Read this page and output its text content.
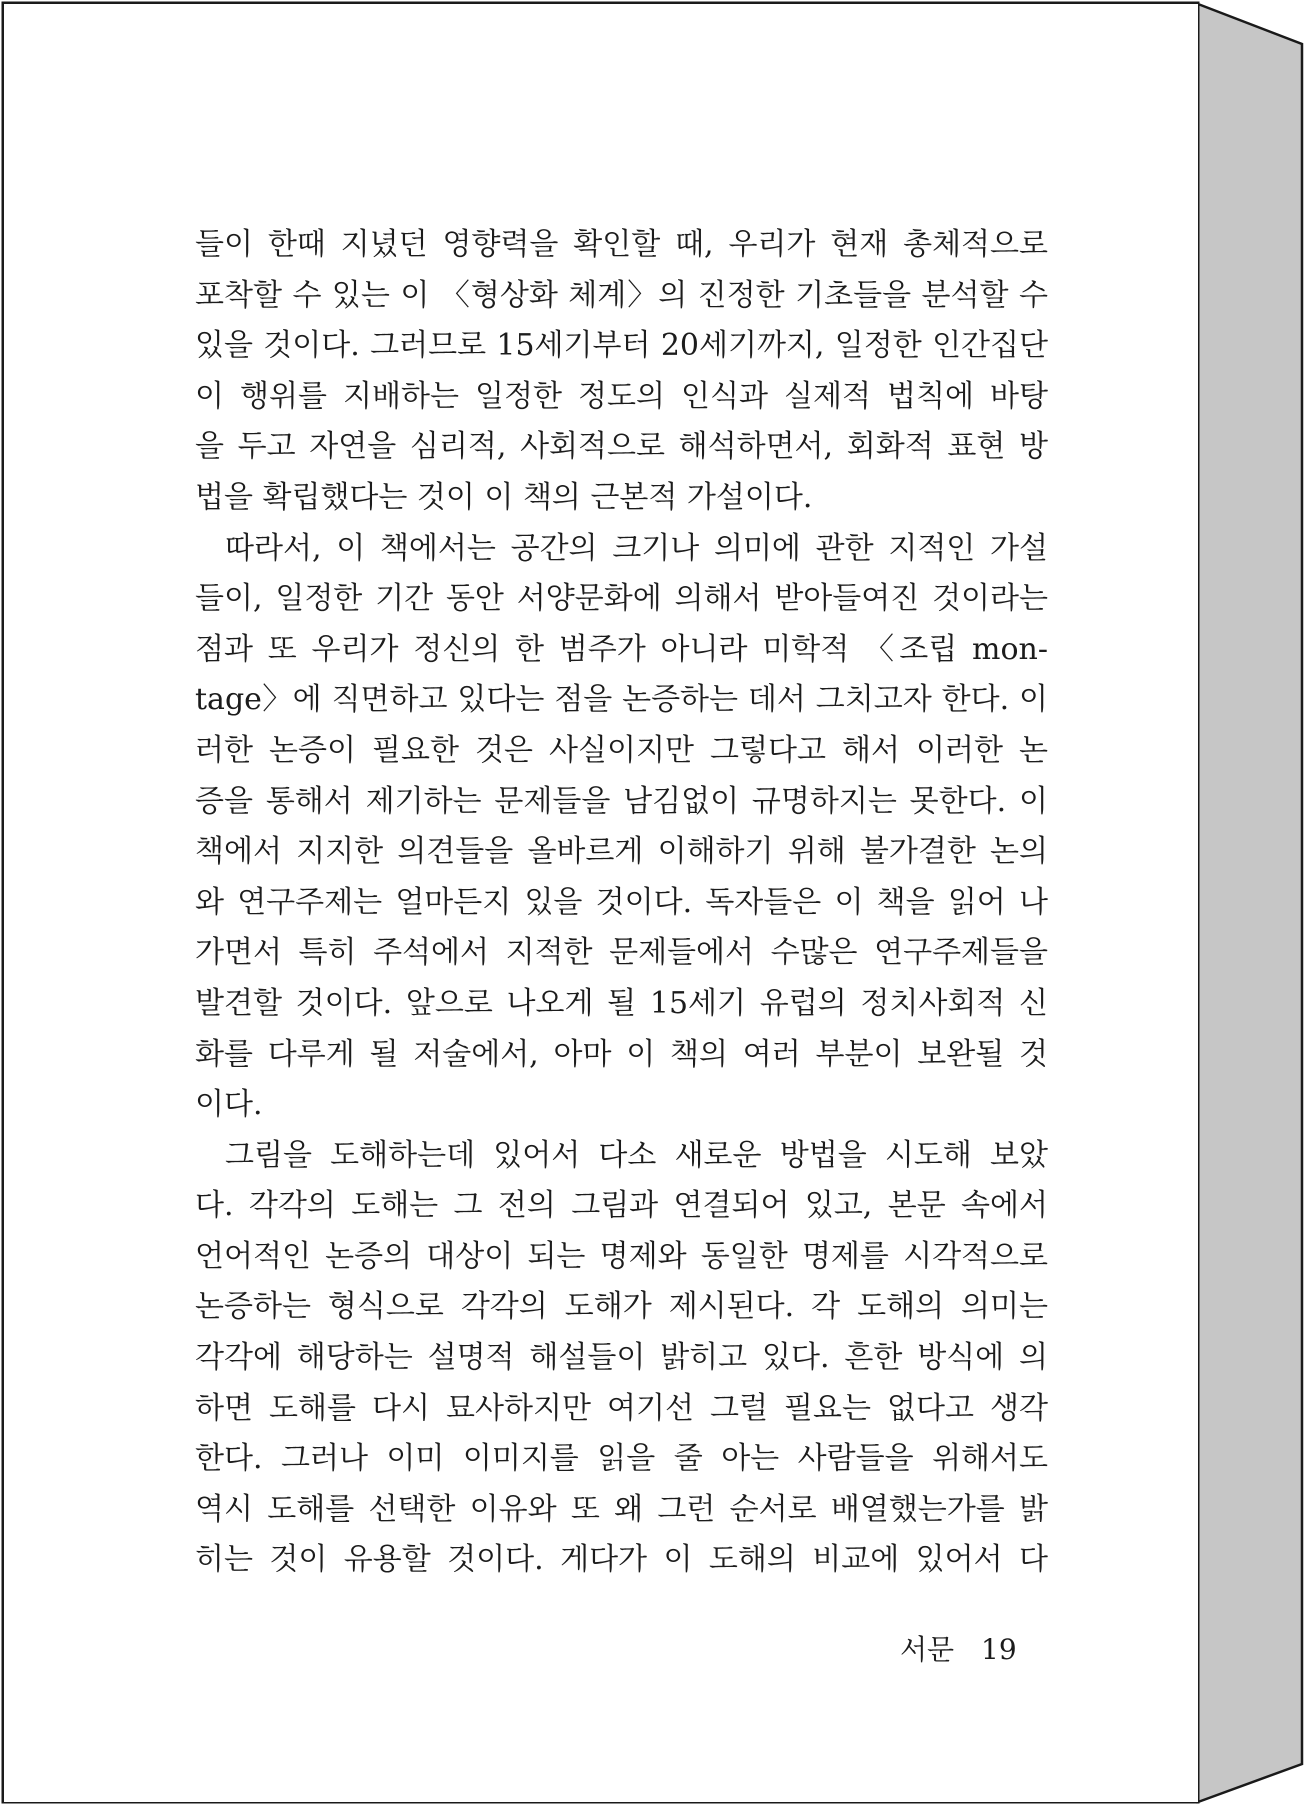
들이 한때 지녔던 영향력을 확인할 때, 우리가 현재 총체적으로
포착할 수 있는 이 〈형상화 체계〉의 진정한 기초들을 분석할 수
있을 것이다. 그러므로 15세기부터 20세기까지, 일정한 인간집단
이 행위를 지배하는 일정한 정도의 인식과 실제적 법칙에 바탕
을 두고 자연을 심리적, 사회적으로 해석하면서, 회화적 표현 방
법을 확립했다는 것이 이 책의 근본적 가설이다.
따라서, 이 책에서는 공간의 크기나 의미에 관한 지적인 가설
들이, 일정한 기간 동안 서양문화에 의해서 받아들여진 것이라는
점과 또 우리가 정신의 한 범주가 아니라 미학적 〈조립 mon-
tage〉에 직면하고 있다는 점을 논증하는 데서 그치고자 한다. 이
러한 논증이 필요한 것은 사실이지만 그렇다고 해서 이러한 논
증을 통해서 제기하는 문제들을 남김없이 규명하지는 못한다. 이
책에서 지지한 의견들을 올바르게 이해하기 위해 불가결한 논의
와 연구주제는 얼마든지 있을 것이다. 독자들은 이 책을 읽어 나
가면서 특히 주석에서 지적한 문제들에서 수많은 연구주제들을
발견할 것이다. 앞으로 나오게 될 15세기 유럽의 정치사회적 신
화를 다루게 될 저술에서, 아마 이 책의 여러 부분이 보완될 것
이다.
그림을 도해하는데 있어서 다소 새로운 방법을 시도해 보았
다. 각각의 도해는 그 전의 그림과 연결되어 있고, 본문 속에서
언어적인 논증의 대상이 되는 명제와 동일한 명제를 시각적으로
논증하는 형식으로 각각의 도해가 제시된다. 각 도해의 의미는
각각에 해당하는 설명적 해설들이 밝히고 있다. 흔한 방식에 의
하면 도해를 다시 묘사하지만 여기선 그럴 필요는 없다고 생각
한다. 그러나 이미 이미지를 읽을 줄 아는 사람들을 위해서도
역시 도해를 선택한 이유와 또 왜 그런 순서로 배열했는가를 밝
히는 것이 유용할 것이다. 게다가 이 도해의 비교에 있어서 다
서문 19
